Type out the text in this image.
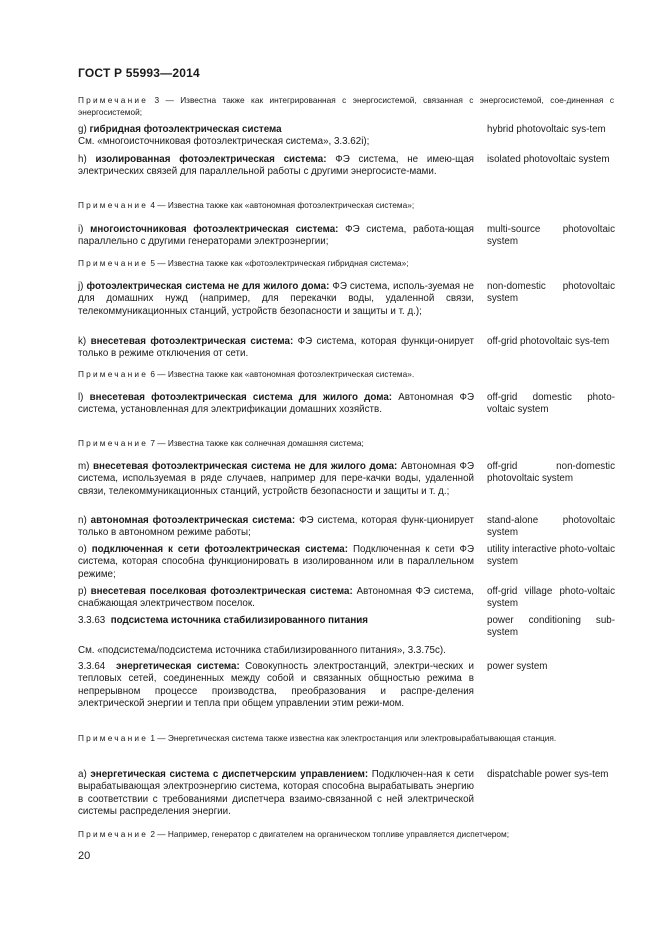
ГОСТ Р 55993—2014
Примечание 3 — Известна также как интегрированная с энергосистемой, связанная с энергосистемой, сое-диненная с энергосистемой;
g) гибридная фотоэлектрическая система
См. «многоисточниковая фотоэлектрическая система», 3.3.62i);
hybrid photovoltaic sys-tem
h) изолированная фотоэлектрическая система: ФЭ система, не имею-щая электрических связей для параллельной работы с другими энергосисте-мами.
isolated photovoltaic system
Примечание 4 — Известна также как «автономная фотоэлектрическая система»;
i) многоисточниковая фотоэлектрическая система: ФЭ система, работа-ющая параллельно с другими генераторами электроэнергии;
multi-source photovoltaic system
Примечание 5 — Известна также как «фотоэлектрическая гибридная система»;
j) фотоэлектрическая система не для жилого дома: ФЭ система, исполь-зуемая не для домашних нужд (например, для перекачки воды, удаленной связи, телекоммуникационных станций, устройств безопасности и защиты и т. д.);
non-domestic photovoltaic system
k) внесетевая фотоэлектрическая система: ФЭ система, которая функци-онирует только в режиме отключения от сети.
off-grid photovoltaic sys-tem
Примечание 6 — Известна также как «автономная фотоэлектрическая система».
l) внесетевая фотоэлектрическая система для жилого дома: Автономная ФЭ система, установленная для электрификации домашних хозяйств.
off-grid domestic photo-voltaic system
Примечание 7 — Известна также как солнечная домашняя система;
m) внесетевая фотоэлектрическая система не для жилого дома: Автономная ФЭ система, используемая в ряде случаев, например для пере-качки воды, удаленной связи, телекоммуникационных станций, устройств безопасности и защиты и т. д.;
off-grid non-domestic photovoltaic system
n) автономная фотоэлектрическая система: ФЭ система, которая функ-ционирует только в автономном режиме работы;
stand-alone photovoltaic system
o) подключенная к сети фотоэлектрическая система: Подключенная к сети ФЭ система, которая способна функционировать в изолированном или в параллельном режиме;
utility interactive photo-voltaic system
p) внесетевая поселковая фотоэлектрическая система: Автономная ФЭ система, снабжающая электричеством поселок.
off-grid village photo-voltaic system
3.3.63 подсистема источника стабилизированного питания	power conditioning sub-system
См. «подсистема/подсистема источника стабилизированного питания», 3.3.75с).
3.3.64 энергетическая система: Совокупность электростанций, электри-ческих и тепловых сетей, соединенных между собой и связанных общностью режима в непрерывном процессе производства, преобразования и распре-деления электрической энергии и тепла при общем управлении этим режи-мом.
power system
Примечание 1 — Энергетическая система также известна как электростанция или электровырабатывающая станция.
a) энергетическая система с диспетчерским управлением: Подключен-ная к сети вырабатывающая электроэнергию система, которая способна вырабатывать энергию в соответствии с требованиями диспетчера взаимо-связанной с ней электрической системы распределения энергии.
dispatchable power sys-tem
Примечание 2 — Например, генератор с двигателем на органическом топливе управляется диспетчером;
20
